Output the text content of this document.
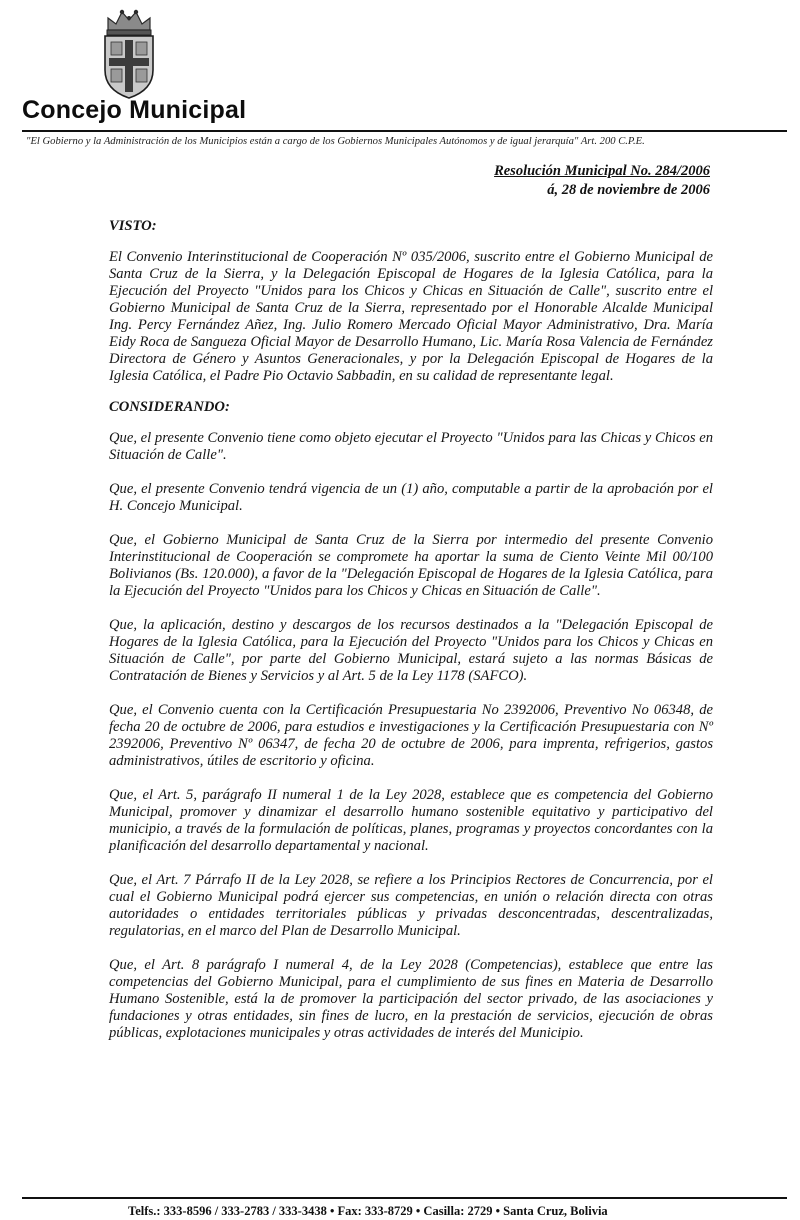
Concejo Municipal
"El Gobierno y la Administración de los Municipios están a cargo de los Gobiernos Municipales Autónomos y de igual jerarquía" Art. 200 C.P.E.
Resolución Municipal No. 284/2006
á, 28 de noviembre de 2006
VISTO:

El Convenio Interinstitucional de Cooperación Nº 035/2006, suscrito entre el Gobierno Municipal de Santa Cruz de la Sierra, y la Delegación Episcopal de Hogares de la Iglesia Católica, para la Ejecución del Proyecto "Unidos para los Chicos y Chicas en Situación de Calle", suscrito entre el Gobierno Municipal de Santa Cruz de la Sierra, representado por el Honorable Alcalde Municipal Ing. Percy Fernández Añez, Ing. Julio Romero Mercado Oficial Mayor Administrativo, Dra. María Eidy Roca de Sangueza Oficial Mayor de Desarrollo Humano, Lic. María Rosa Valencia de Fernández Directora de Género y Asuntos Generacionales, y por la Delegación Episcopal de Hogares de la Iglesia Católica, el Padre Pio Octavio Sabbadin, en su calidad de representante legal.

CONSIDERANDO:

Que, el presente Convenio tiene como objeto ejecutar el Proyecto "Unidos para las Chicas y Chicos en Situación de Calle".

Que, el presente Convenio tendrá vigencia de un (1) año, computable a partir de la aprobación por el H. Concejo Municipal.

Que, el Gobierno Municipal de Santa Cruz de la Sierra por intermedio del presente Convenio Interinstitucional de Cooperación se compromete ha aportar la suma de Ciento Veinte Mil 00/100 Bolivianos (Bs. 120.000), a favor de la "Delegación Episcopal de Hogares de la Iglesia Católica, para la Ejecución del Proyecto "Unidos para los Chicos y Chicas en Situación de Calle".

Que, la aplicación, destino y descargos de los recursos destinados a la "Delegación Episcopal de Hogares de la Iglesia Católica, para la Ejecución del Proyecto "Unidos para los Chicos y Chicas en Situación de Calle", por parte del Gobierno Municipal, estará sujeto a las normas Básicas de Contratación de Bienes y Servicios y al Art. 5 de la Ley 1178 (SAFCO).

Que, el Convenio cuenta con la Certificación Presupuestaria No 2392006, Preventivo No 06348, de fecha 20 de octubre de 2006, para estudios e investigaciones y la Certificación Presupuestaria con Nº 2392006, Preventivo Nº 06347, de fecha 20 de octubre de 2006, para imprenta, refrigerios, gastos administrativos, útiles de escritorio y oficina.

Que, el Art. 5, parágrafo II numeral 1 de la Ley 2028, establece que es competencia del Gobierno Municipal, promover y dinamizar el desarrollo humano sostenible equitativo y participativo del municipio, a través de la formulación de políticas, planes, programas y proyectos concordantes con la planificación del desarrollo departamental y nacional.

Que, el Art. 7 Párrafo II de la Ley 2028, se refiere a los Principios Rectores de Concurrencia, por el cual el Gobierno Municipal podrá ejercer sus competencias, en unión o relación directa con otras autoridades o entidades territoriales públicas y privadas desconcentradas, descentralizadas, regulatorias, en el marco del Plan de Desarrollo Municipal.

Que, el Art. 8 parágrafo I numeral 4, de la Ley 2028 (Competencias), establece que entre las competencias del Gobierno Municipal, para el cumplimiento de sus fines en Materia de Desarrollo Humano Sostenible, está la de promover la participación del sector privado, de las asociaciones y fundaciones y otras entidades, sin fines de lucro, en la prestación de servicios, ejecución de obras públicas, explotaciones municipales y otras actividades de interés del Municipio.

Telfs.: 333-8596 / 333-2783 / 333-3438 • Fax: 333-8729 • Casilla: 2729 • Santa Cruz, Bolivia
